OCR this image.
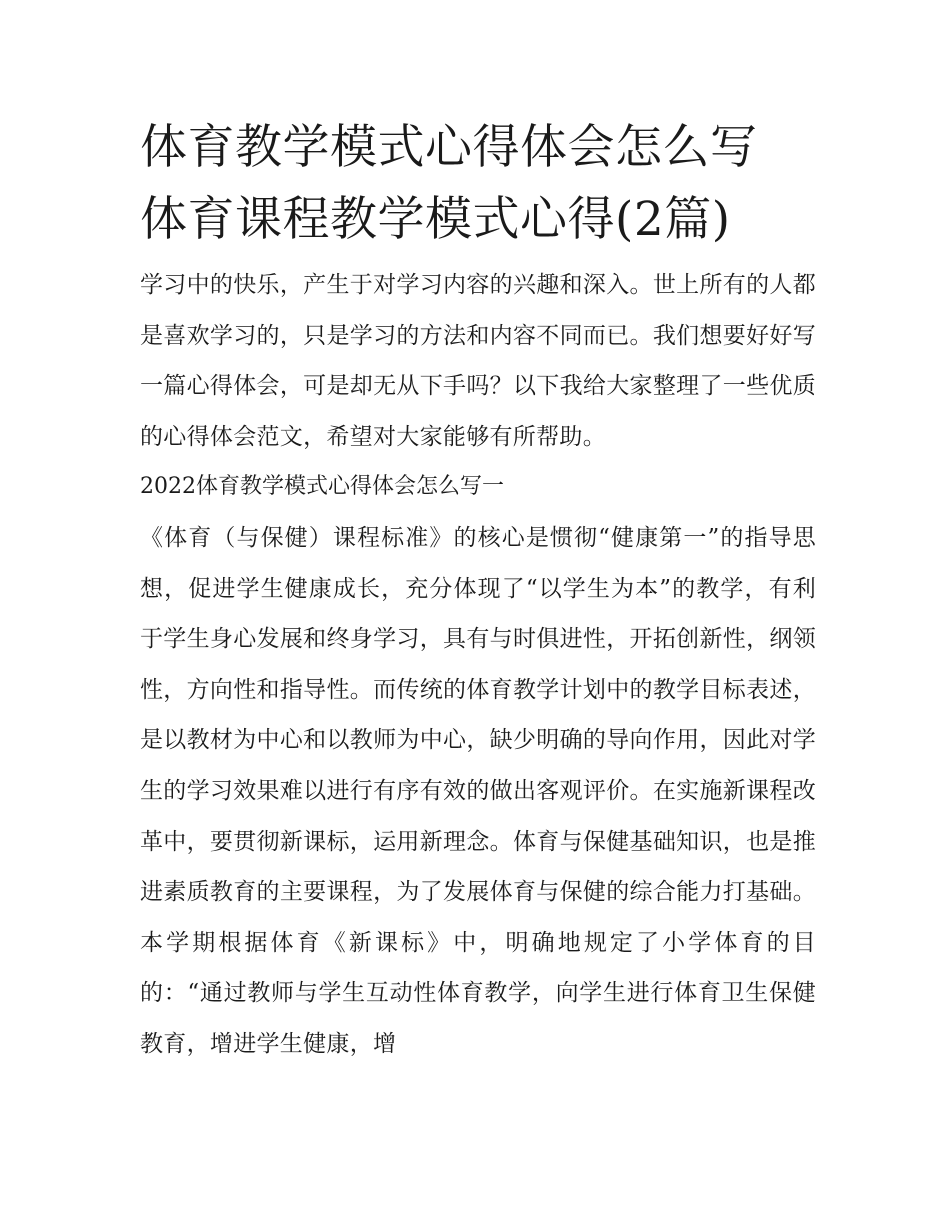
体育教学模式心得体会怎么写
体育课程教学模式心得(2篇)

学习中的快乐，产生于对学习内容的兴趣和深入。世上所有的人都是喜欢学习的，只是学习的方法和内容不同而已。我们想要好好写一篇心得体会，可是却无从下手吗？以下我给大家整理了一些优质的心得体会范文，希望对大家能够有所帮助。

2022体育教学模式心得体会怎么写一

《体育（与保健）课程标准》的核心是惯彻“健康第一”的指导思想，促进学生健康成长，充分体现了“以学生为本”的教学，有利于学生身心发展和终身学习，具有与时俱进性，开拓创新性，纲领性，方向性和指导性。而传统的体育教学计划中的教学目标表述，是以教材为中心和以教师为中心，缺少明确的导向作用，因此对学生的学习效果难以进行有序有效的做出客观评价。在实施新课程改革中，要贯彻新课标，运用新理念。体育与保健基础知识，也是推进素质教育的主要课程，为了发展体育与保健的综合能力打基础。本学期根据体育《新课标》中，明确地规定了小学体育的目的：“通过教师与学生互动性体育教学，向学生进行体育卫生保健教育，增进学生健康，增
